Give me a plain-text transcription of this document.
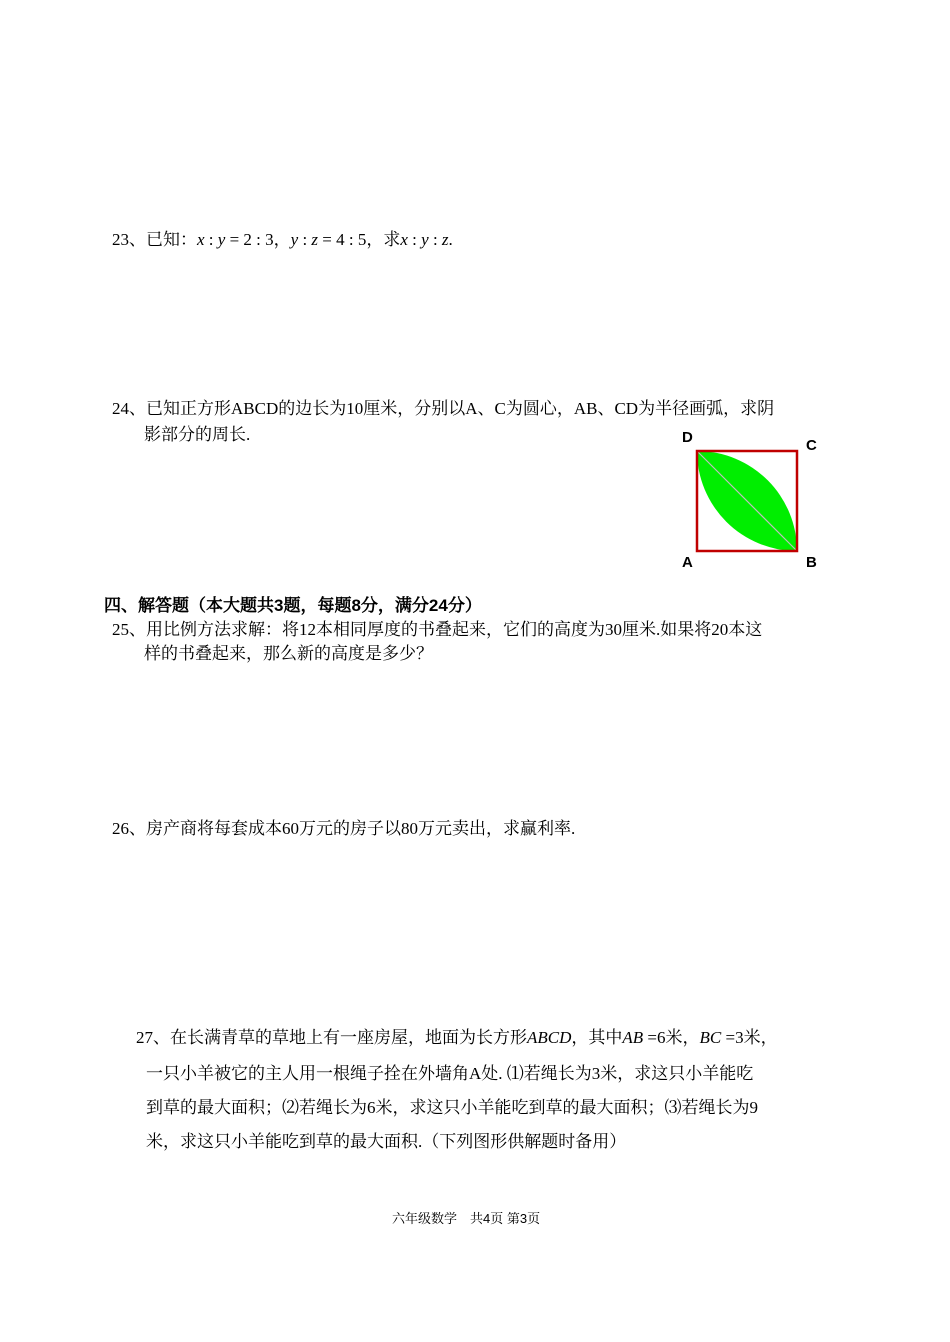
23、已知：x : y = 2 : 3，y : z = 4 : 5，求x : y : z.
24、已知正方形ABCD的边长为10厘米，分别以A、C为圆心，AB、CD为半径画弧，求阴
影部分的周长.	D	C
A	B
四、解答题（本大题共3题，每题8分，满分24分）
25、用比例方法求解：将12本相同厚度的书叠起来，它们的高度为30厘米.如果将20本这
样的书叠起来，那么新的高度是多少？
26、房产商将每套成本60万元的房子以80万元卖出，求赢利率.
27、在长满青草的草地上有一座房屋，地面为长方形ABCD，其中AB =6米，BC =3米，
一只小羊被它的主人用一根绳子拴在外墙角A处. ⑴若绳长为3米，求这只小羊能吃
到草的最大面积；⑵若绳长为6米，求这只小羊能吃到草的最大面积；⑶若绳长为9
米，求这只小羊能吃到草的最大面积.（下列图形供解题时备用）
六年级数学　共4页 第3页
